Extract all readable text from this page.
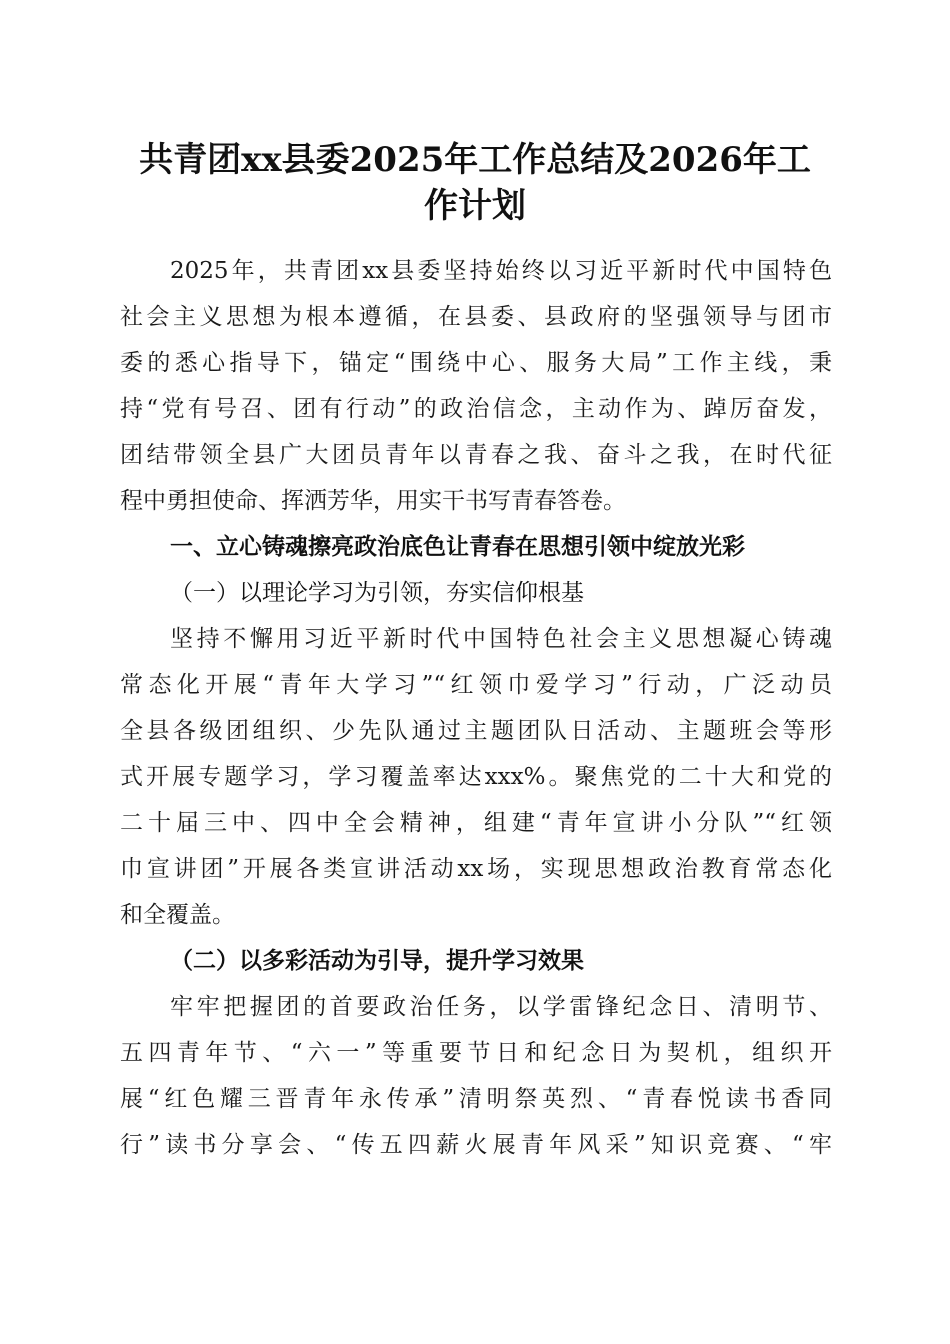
共青团xx县委2025年工作总结及2026年工
作计划
2025年，共青团xx县委坚持始终以习近平新时代中国特色
社会主义思想为根本遵循，在县委、县政府的坚强领导与团市
委的悉心指导下，锚定“围绕中心、服务大局”工作主线，秉
持“党有号召、团有行动”的政治信念，主动作为、踔厉奋发，
团结带领全县广大团员青年以青春之我、奋斗之我，在时代征
程中勇担使命、挥洒芳华，用实干书写青春答卷。
一、立心铸魂擦亮政治底色让青春在思想引领中绽放光彩
（一）以理论学习为引领，夯实信仰根基
坚持不懈用习近平新时代中国特色社会主义思想凝心铸魂
常态化开展“青年大学习”“红领巾爱学习”行动，广泛动员
全县各级团组织、少先队通过主题团队日活动、主题班会等形
式开展专题学习，学习覆盖率达xxx%。聚焦党的二十大和党的
二十届三中、四中全会精神，组建“青年宣讲小分队”“红领
巾宣讲团”开展各类宣讲活动xx场，实现思想政治教育常态化
和全覆盖。
（二）以多彩活动为引导，提升学习效果
牢牢把握团的首要政治任务，以学雷锋纪念日、清明节、
五四青年节、“六一”等重要节日和纪念日为契机，组织开
展“红色耀三晋青年永传承”清明祭英烈、“青春悦读书香同
行”读书分享会、“传五四薪火展青年风采”知识竞赛、“牢
